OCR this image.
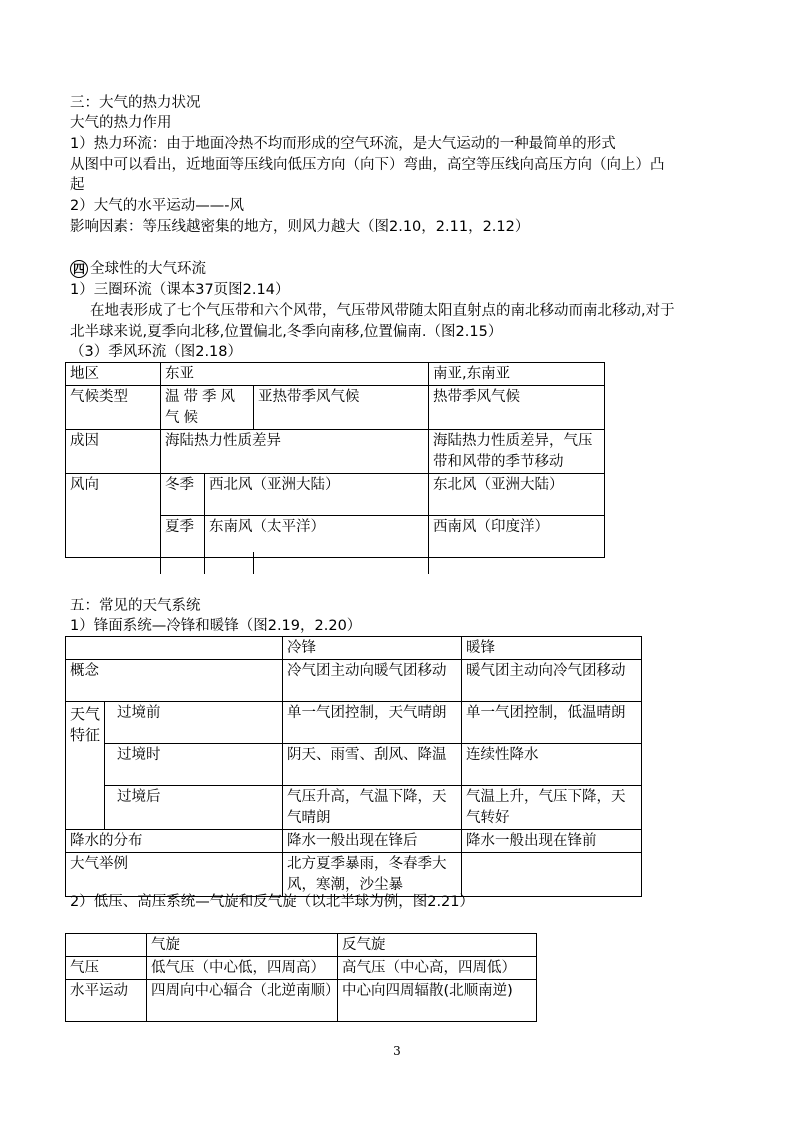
三：大气的热力状况
大气的热力作用
1）热力环流：由于地面冷热不均而形成的空气环流，是大气运动的一种最简单的形式
从图中可以看出，近地面等压线向低压方向（向下）弯曲，高空等压线向高压方向（向上）凸
起
2）大气的水平运动——-风
影响因素：等压线越密集的地方，则风力越大（图2.10，2.11，2.12）
四 全球性的大气环流
1）三圈环流（课本37页图2.14）
在地表形成了七个气压带和六个风带，气压带风带随太阳直射点的南北移动而南北移动,对于
北半球来说,夏季向北移,位置偏北,冬季向南移,位置偏南.（图2.15）
（3）季风环流（图2.18）
地区	东亚			南亚,东南亚
气候类型	温带季风气候		亚热带季风气候	热带季风气候
成因	海陆热力性质差异			海陆热力性质差异，气压带和风带的季节移动
风向	冬季	西北风（亚洲大陆）		东北风（亚洲大陆）
	夏季	东南风（太平洋）		西南风（印度洋）
五：常见的天气系统
1）锋面系统—冷锋和暖锋（图2.19，2.20）
		冷锋	暖锋
概念		冷气团主动向暖气团移动	暖气团主动向冷气团移动
天气特征	过境前	单一气团控制，天气晴朗	单一气团控制，低温晴朗
	过境时	阴天、雨雪、刮风、降温	连续性降水
	过境后	气压升高，气温下降，天气晴朗	气温上升，气压下降，天气转好
降水的分布		降水一般出现在锋后	降水一般出现在锋前
大气举例		北方夏季暴雨，冬春季大风，寒潮，沙尘暴	
2）低压、高压系统—气旋和反气旋（以北半球为例，图2.21）
	气旋	反气旋
气压	低气压（中心低，四周高）	高气压（中心高，四周低）
水平运动	四周向中心辐合（北逆南顺）	中心向四周辐散(北顺南逆)
3
